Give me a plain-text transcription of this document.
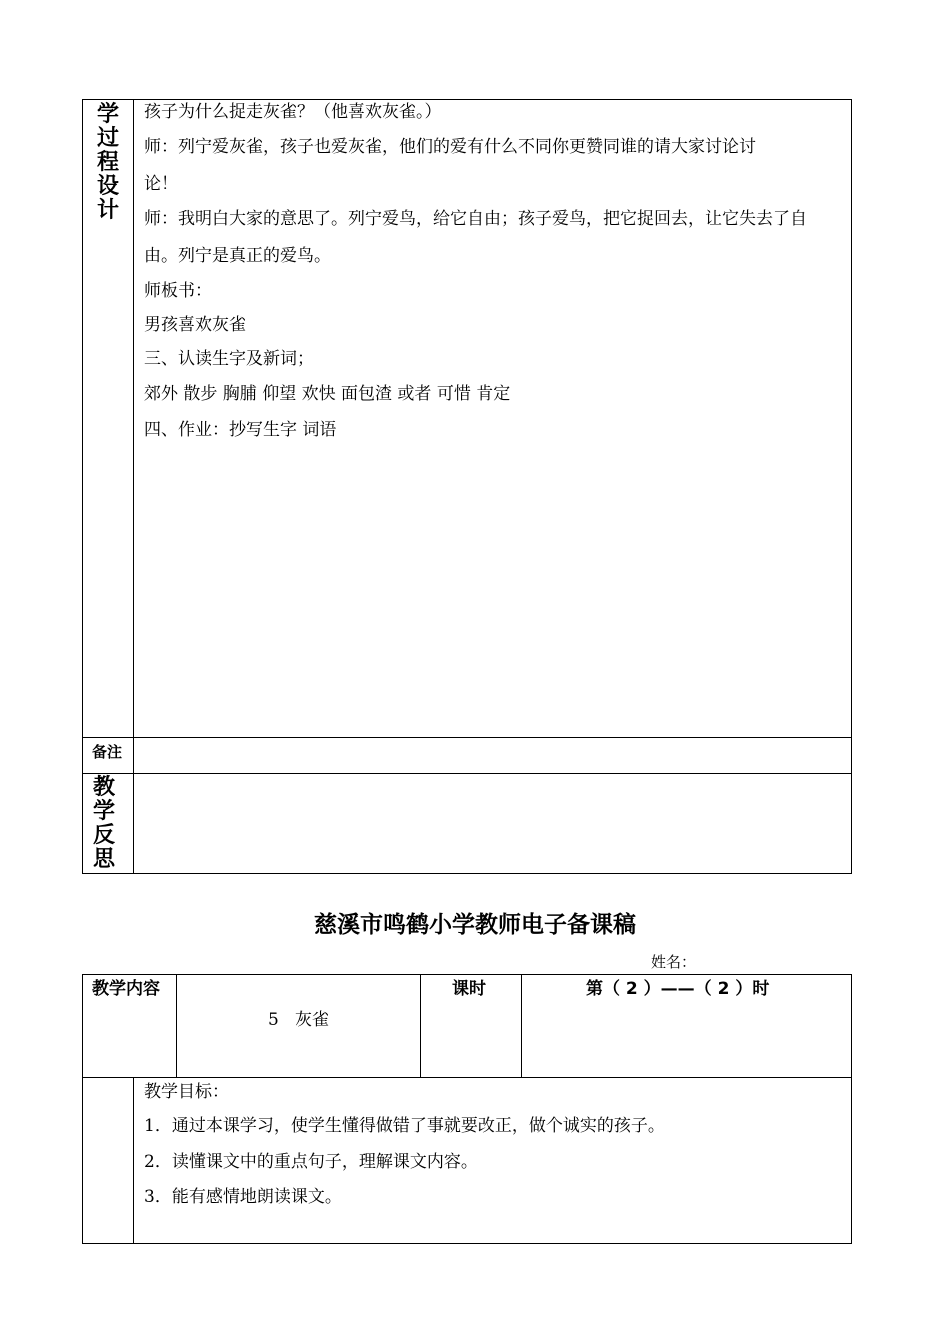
学
过
程
设
计
孩子为什么捉走灰雀？（他喜欢灰雀。）
师：列宁爱灰雀，孩子也爱灰雀，他们的爱有什么不同你更赞同谁的请大家讨论讨
论！
师：我明白大家的意思了。列宁爱鸟，给它自由；孩子爱鸟，把它捉回去，让它失去了自
由。列宁是真正的爱鸟。
师板书：
男孩喜欢灰雀
三、认读生字及新词；
郊外 散步 胸脯 仰望 欢快 面包渣 或者 可惜 肯定
四、作业：抄写生字 词语
备注
教
学
反
思
慈溪市鸣鹤小学教师电子备课稿
姓名：
教学内容
5   灰雀
课时	第（ 2 ）——（ 2 ）时
教学目标：
1．通过本课学习，使学生懂得做错了事就要改正，做个诚实的孩子。
2．读懂课文中的重点句子，理解课文内容。
3．能有感情地朗读课文。
